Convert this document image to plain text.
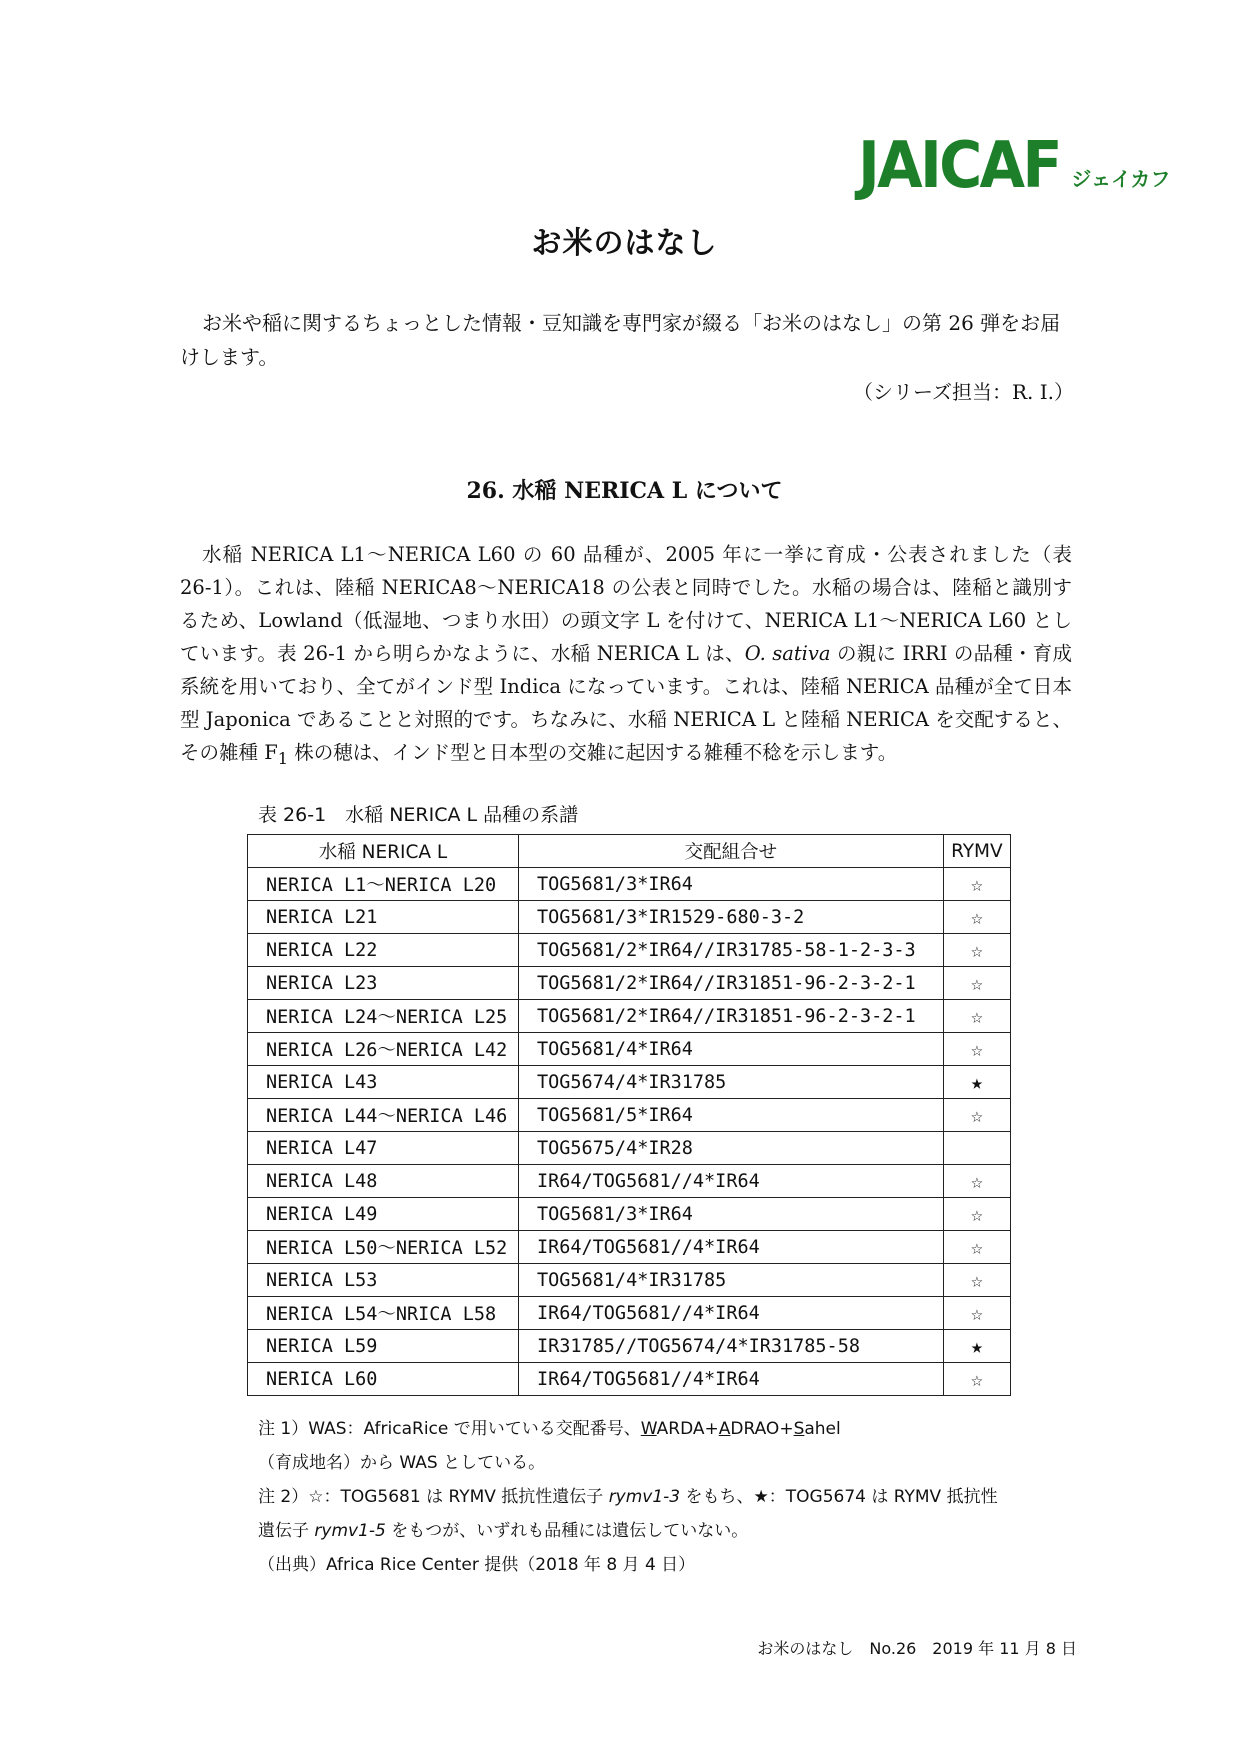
JAICAF ジェイカフ
お米のはなし
お米や稲に関するちょっとした情報・豆知識を専門家が綴る「お米のはなし」の第 26 弾をお届けします。
（シリーズ担当：R. I.）
26. 水稲 NERICA L について

水稲 NERICA L1～NERICA L60 の 60 品種が、2005 年に一挙に育成・公表されました（表 26-1）。これは、陸稲 NERICA8～NERICA18 の公表と同時でした。水稲の場合は、陸稲と識別するため、Lowland（低湿地、つまり水田）の頭文字 L を付けて、NERICA L1～NERICA L60 としています。表 26-1 から明らかなように、水稲 NERICA L は、O. sativa の親に IRRI の品種・育成系統を用いており、全てがインド型 Indica になっています。これは、陸稲 NERICA 品種が全て日本型 Japonica であることと対照的です。ちなみに、水稲 NERICA L と陸稲 NERICA を交配すると、その雑種 $F_1$ 株の穂は、インド型と日本型の交雑に起因する雑種不稔を示します。

表 26-1　水稲 NERICA L 品種の系譜
水稲 NERICA L	交配組合せ	RYMV
NERICA L1～NERICA L20	TOG5681/3*IR64	☆
NERICA L21	TOG5681/3*IR1529-680-3-2	☆
NERICA L22	TOG5681/2*IR64//IR31785-58-1-2-3-3	☆
NERICA L23	TOG5681/2*IR64//IR31851-96-2-3-2-1	☆
NERICA L24～NERICA L25	TOG5681/2*IR64//IR31851-96-2-3-2-1	☆
NERICA L26～NERICA L42	TOG5681/4*IR64	☆
NERICA L43	TOG5674/4*IR31785	★
NERICA L44～NERICA L46	TOG5681/5*IR64	☆
NERICA L47	TOG5675/4*IR28	
NERICA L48	IR64/TOG5681//4*IR64	☆
NERICA L49	TOG5681/3*IR64	☆
NERICA L50～NERICA L52	IR64/TOG5681//4*IR64	☆
NERICA L53	TOG5681/4*IR31785	☆
NERICA L54～NRICA L58	IR64/TOG5681//4*IR64	☆
NERICA L59	IR31785//TOG5674/4*IR31785-58	★
NERICA L60	IR64/TOG5681//4*IR64	☆

注 1）WAS：AfricaRice で用いている交配番号、WARDA+ADRAO+Sahel

（育成地名）から WAS としている。

注 2）☆：TOG5681 は RYMV 抵抗性遺伝子 rymv1-3 をもち、★：TOG5674 は RYMV 抵抗性

遺伝子 rymv1-5 をもつが、いずれも品種には遺伝していない。

（出典）Africa Rice Center 提供（2018 年 8 月 4 日）

お米のはなし　No.26　2019 年 11 月 8 日
